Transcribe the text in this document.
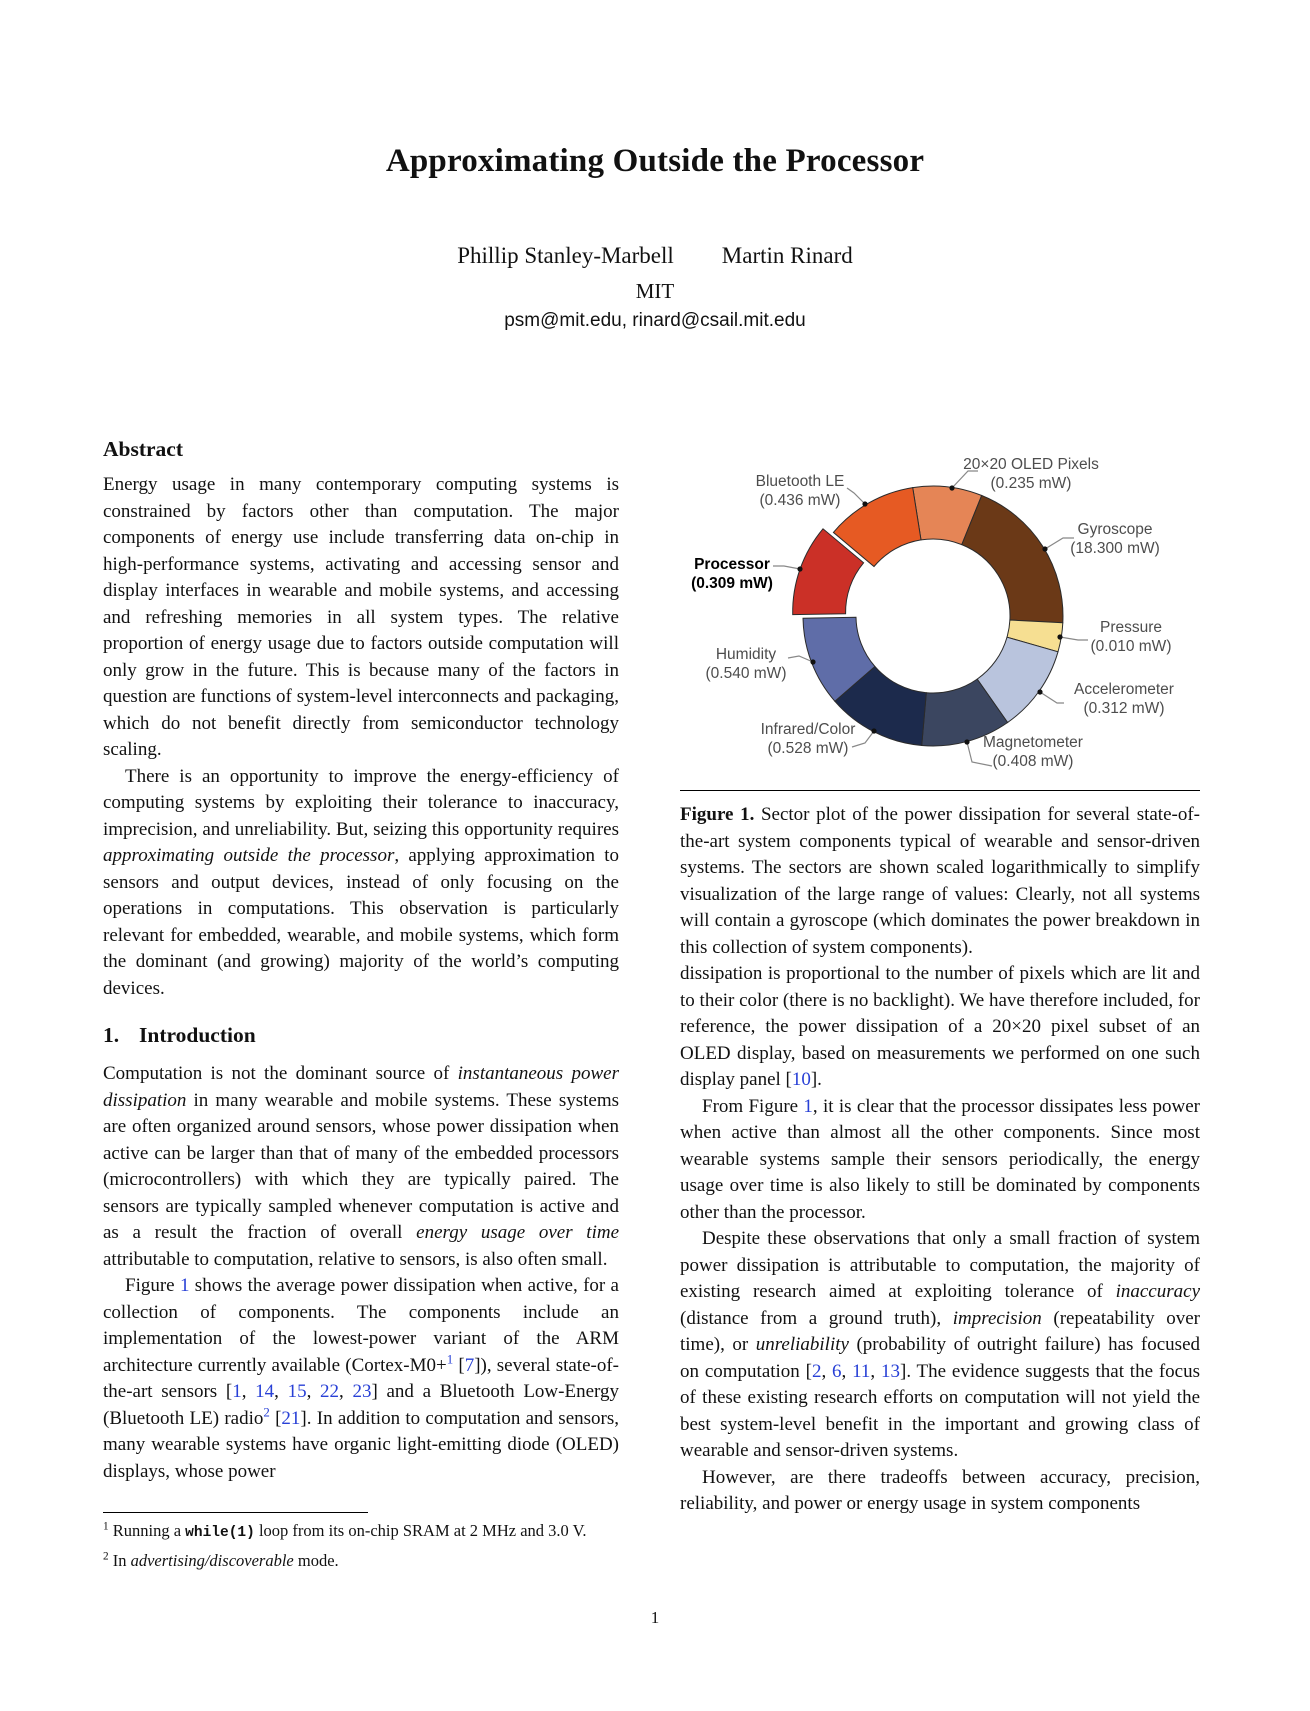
Approximating Outside the Processor
Phillip Stanley-Marbell Martin Rinard
MIT
psm@mit.edu, rinard@csail.mit.edu
Abstract

Energy usage in many contemporary computing systems is constrained by factors other than computation. The major components of energy use include transferring data on-chip in high-performance systems, activating and accessing sensor and display interfaces in wearable and mobile systems, and accessing and refreshing memories in all system types. The relative proportion of energy usage due to factors outside computation will only grow in the future. This is because many of the factors in question are functions of system-level interconnects and packaging, which do not benefit directly from semiconductor technology scaling.

There is an opportunity to improve the energy-efficiency of computing systems by exploiting their tolerance to inaccuracy, imprecision, and unreliability. But, seizing this opportunity requires approximating outside the processor, applying approximation to sensors and output devices, instead of only focusing on the operations in computations. This observation is particularly relevant for embedded, wearable, and mobile systems, which form the dominant (and growing) majority of the world’s computing devices.

1. Introduction

Computation is not the dominant source of instantaneous power dissipation in many wearable and mobile systems. These systems are often organized around sensors, whose power dissipation when active can be larger than that of many of the embedded processors (microcontrollers) with which they are typically paired. The sensors are typically sampled whenever computation is active and as a result the fraction of overall energy usage over time attributable to computation, relative to sensors, is also often small.

Figure 1 shows the average power dissipation when active, for a collection of components. The components include an implementation of the lowest-power variant of the ARM architecture currently available (Cortex-M0+$^1$ [7]), several state-of-the-art sensors [1, 14, 15, 22, 23] and a Bluetooth Low-Energy (Bluetooth LE) radio$^2$ [21]. In addition to computation and sensors, many wearable systems have organic light-emitting diode (OLED) displays, whose power

$^1$ Running a while(1) loop from its on-chip SRAM at 2 MHz and 3.0 V.

$^2$ In advertising/discoverable mode.

20×20 OLED Pixels
(0.235 mW)
Gyroscope
(18.300 mW)
Pressure
(0.010 mW)
Accelerometer
(0.312 mW)
Magnetometer
(0.408 mW)
Infrared/Color
(0.528 mW)
Humidity
(0.540 mW)
Processor
(0.309 mW)
Bluetooth LE
(0.436 mW)
Figure 1. Sector plot of the power dissipation for several state-of-the-art system components typical of wearable and sensor-driven systems. The sectors are shown scaled logarithmically to simplify visualization of the large range of values: Clearly, not all systems will contain a gyroscope (which dominates the power breakdown in this collection of system components).

dissipation is proportional to the number of pixels which are lit and to their color (there is no backlight). We have therefore included, for reference, the power dissipation of a 20×20 pixel subset of an OLED display, based on measurements we performed on one such display panel [10].

From Figure 1, it is clear that the processor dissipates less power when active than almost all the other components. Since most wearable systems sample their sensors periodically, the energy usage over time is also likely to still be dominated by components other than the processor.

Despite these observations that only a small fraction of system power dissipation is attributable to computation, the majority of existing research aimed at exploiting tolerance of inaccuracy (distance from a ground truth), imprecision (repeatability over time), or unreliability (probability of outright failure) has focused on computation [2, 6, 11, 13]. The evidence suggests that the focus of these existing research efforts on computation will not yield the best system-level benefit in the important and growing class of wearable and sensor-driven systems.

However, are there tradeoffs between accuracy, precision, reliability, and power or energy usage in system components

1
